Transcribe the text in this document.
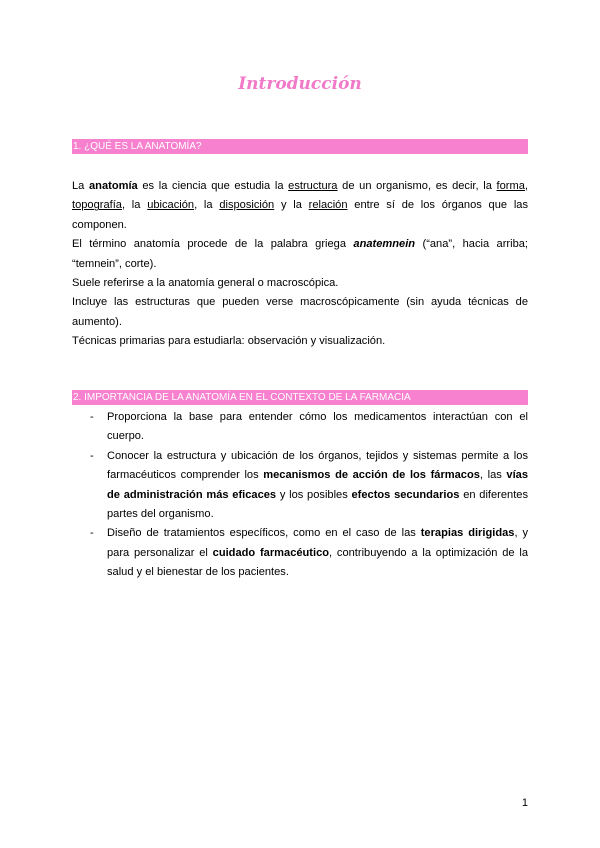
Introducción
1. ¿QUÉ ES LA ANATOMÍA?

La anatomía es la ciencia que estudia la estructura de un organismo, es decir, la forma, topografía, la ubicación, la disposición y la relación entre sí de los órganos que las componen.

El término anatomía procede de la palabra griega anatemnein (“ana”, hacia arriba; “temnein”, corte).

Suele referirse a la anatomía general o macroscópica.

Incluye las estructuras que pueden verse macroscópicamente (sin ayuda técnicas de aumento).

Técnicas primarias para estudiarla: observación y visualización.

2. IMPORTANCIA DE LA ANATOMÍA EN EL CONTEXTO DE LA FARMACIA
- Proporciona la base para entender cómo los medicamentos interactúan con el cuerpo.
- Conocer la estructura y ubicación de los órganos, tejidos y sistemas permite a los farmacéuticos comprender los mecanismos de acción de los fármacos, las vías de administración más eficaces y los posibles efectos secundarios en diferentes partes del organismo.
- Diseño de tratamientos específicos, como en el caso de las terapias dirigidas, y para personalizar el cuidado farmacéutico, contribuyendo a la optimización de la salud y el bienestar de los pacientes.
1
